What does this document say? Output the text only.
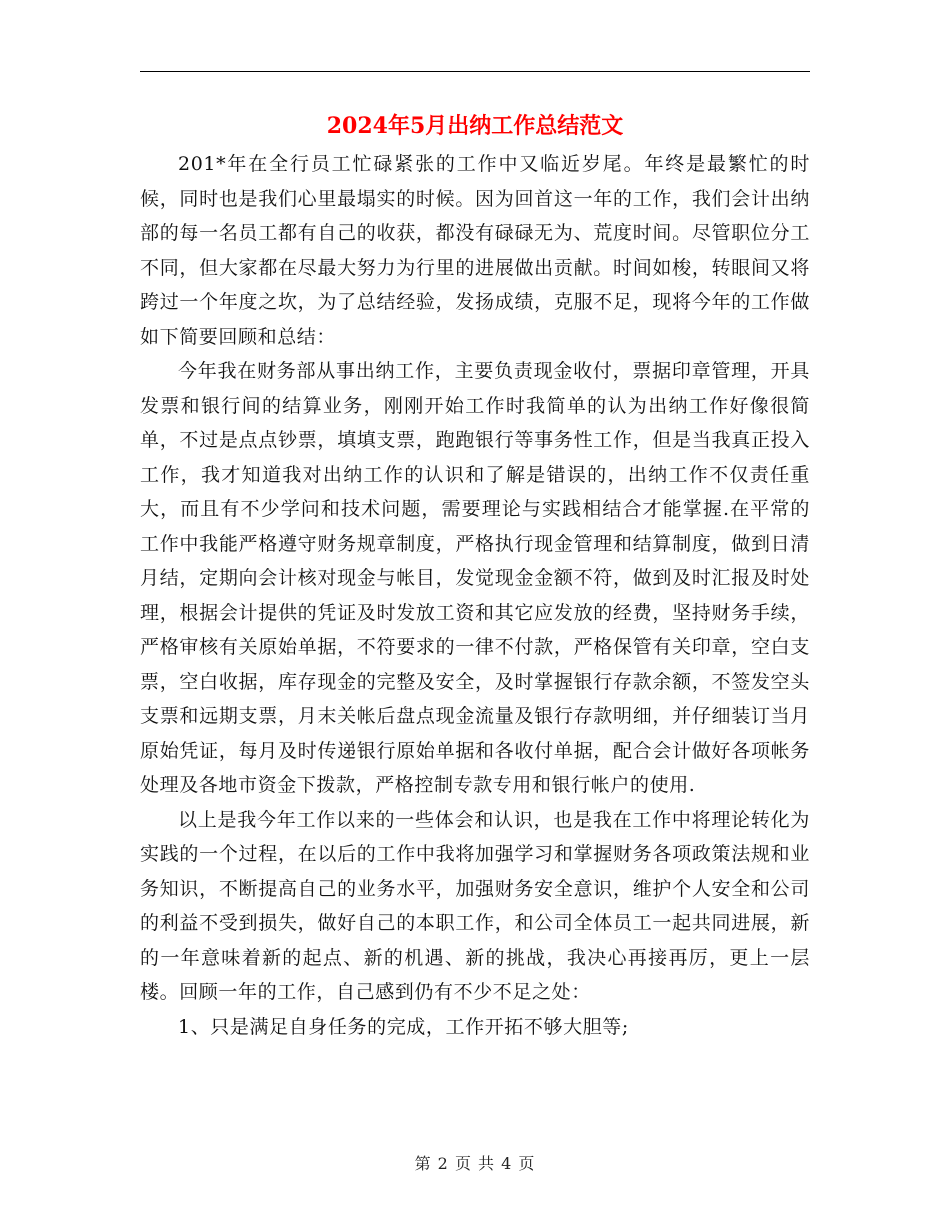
2024年5月出纳工作总结范文

201*年在全行员工忙碌紧张的工作中又临近岁尾。年终是最繁忙的时候，同时也是我们心里最塌实的时候。因为回首这一年的工作，我们会计出纳部的每一名员工都有自己的收获，都没有碌碌无为、荒度时间。尽管职位分工不同，但大家都在尽最大努力为行里的进展做出贡献。时间如梭，转眼间又将跨过一个年度之坎，为了总结经验，发扬成绩，克服不足，现将今年的工作做如下简要回顾和总结：

今年我在财务部从事出纳工作，主要负责现金收付，票据印章管理，开具发票和银行间的结算业务，刚刚开始工作时我简单的认为出纳工作好像很简单，不过是点点钞票，填填支票，跑跑银行等事务性工作，但是当我真正投入工作，我才知道我对出纳工作的认识和了解是错误的，出纳工作不仅责任重大，而且有不少学问和技术问题，需要理论与实践相结合才能掌握.在平常的工作中我能严格遵守财务规章制度，严格执行现金管理和结算制度，做到日清月结，定期向会计核对现金与帐目，发觉现金金额不符，做到及时汇报及时处理，根据会计提供的凭证及时发放工资和其它应发放的经费，坚持财务手续，严格审核有关原始单据，不符要求的一律不付款，严格保管有关印章，空白支票，空白收据，库存现金的完整及安全，及时掌握银行存款余额，不签发空头支票和远期支票，月末关帐后盘点现金流量及银行存款明细，并仔细装订当月原始凭证，每月及时传递银行原始单据和各收付单据，配合会计做好各项帐务处理及各地市资金下拨款，严格控制专款专用和银行帐户的使用.

以上是我今年工作以来的一些体会和认识，也是我在工作中将理论转化为实践的一个过程，在以后的工作中我将加强学习和掌握财务各项政策法规和业务知识，不断提高自己的业务水平，加强财务安全意识，维护个人安全和公司的利益不受到损失，做好自己的本职工作，和公司全体员工一起共同进展，新的一年意味着新的起点、新的机遇、新的挑战，我决心再接再厉，更上一层楼。回顾一年的工作，自己感到仍有不少不足之处：

1、只是满足自身任务的完成，工作开拓不够大胆等;

第 2 页 共 4 页
